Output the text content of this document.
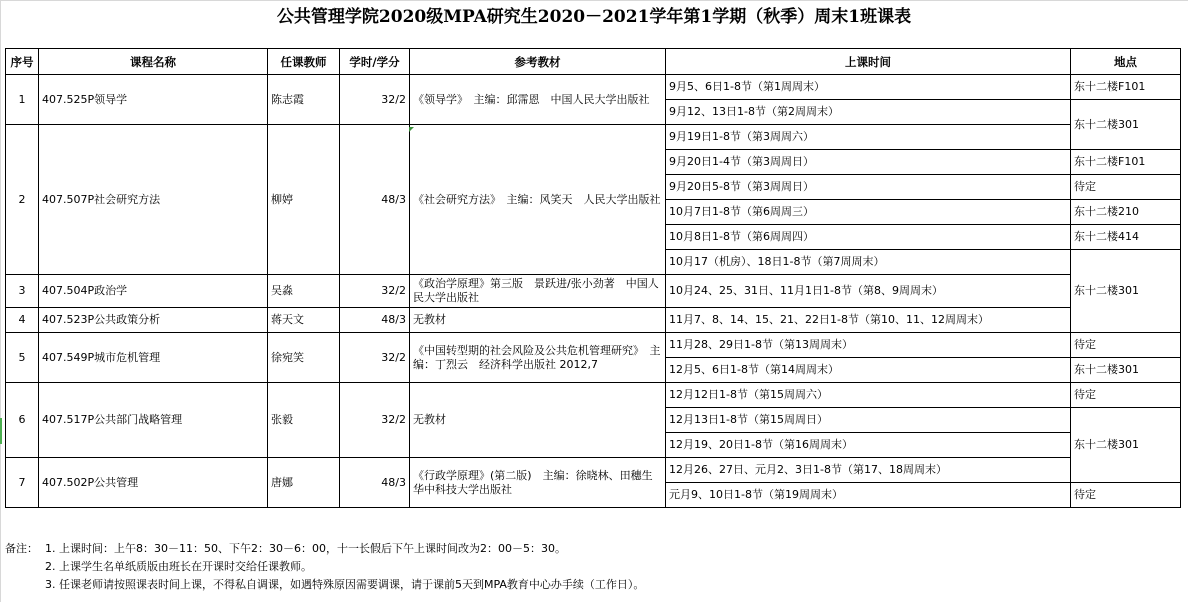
公共管理学院2020级MPA研究生2020－2021学年第1学期（秋季）周末1班课表
序号	课程名称	任课教师	学时/学分	参考教材	上课时间	地点
1	407.525P领导学	陈志霞	32/2	《领导学》　主编：邱霈恩　中国人民大学出版社	9月5、6日1-8节（第1周周末）	东十二楼F101
					9月12、13日1-8节（第2周周末）	东十二楼301
2	407.507P社会研究方法	柳婷	48/3	《社会研究方法》　主编：风笑天　人民大学出版社	9月19日1-8节（第3周周六）	
					9月20日1-4节（第3周周日）	东十二楼F101
					9月20日5-8节（第3周周日）	待定
					10月7日1-8节（第6周周三）	东十二楼210
					10月8日1-8节（第6周周四）	东十二楼414
					10月17（机房）、18日1-8节（第7周周末）	东十二楼301
3	407.504P政治学	吴淼	32/2	《政治学原理》第三版　景跃进/张小劲著　中国人民大学出版社	10月24、25、31日、11月1日1-8节（第8、9周周末）	
4	407.523P公共政策分析	蒋天文	48/3	无教材	11月7、8、14、15、21、22日1-8节（第10、11、12周周末）	
5	407.549P城市危机管理	徐宛笑	32/2	《中国转型期的社会风险及公共危机管理研究》　主编：丁烈云　经济科学出版社 2012,7	11月28、29日1-8节（第13周周末）	待定
					12月5、6日1-8节（第14周周末）	东十二楼301
6	407.517P公共部门战略管理	张毅	32/2	无教材	12月12日1-8节（第15周周六）	待定
					12月13日1-8节（第15周周日）	东十二楼301
					12月19、20日1-8节（第16周周末）	
7	407.502P公共管理	唐娜	48/3	《行政学原理》(第二版)　主编：徐晓林、田穗生　华中科技大学出版社	12月26、27日、元月2、3日1-8节（第17、18周周末）	
					元月9、10日1-8节（第19周周末）	待定
备注： 1. 上课时间：上午8：30－11：50、下午2：30－6：00，十一长假后下午上课时间改为2：00－5：30。
2. 上课学生名单纸质版由班长在开课时交给任课教师。
3. 任课老师请按照课表时间上课，不得私自调课，如遇特殊原因需要调课，请于课前5天到MPA教育中心办手续（工作日）。
